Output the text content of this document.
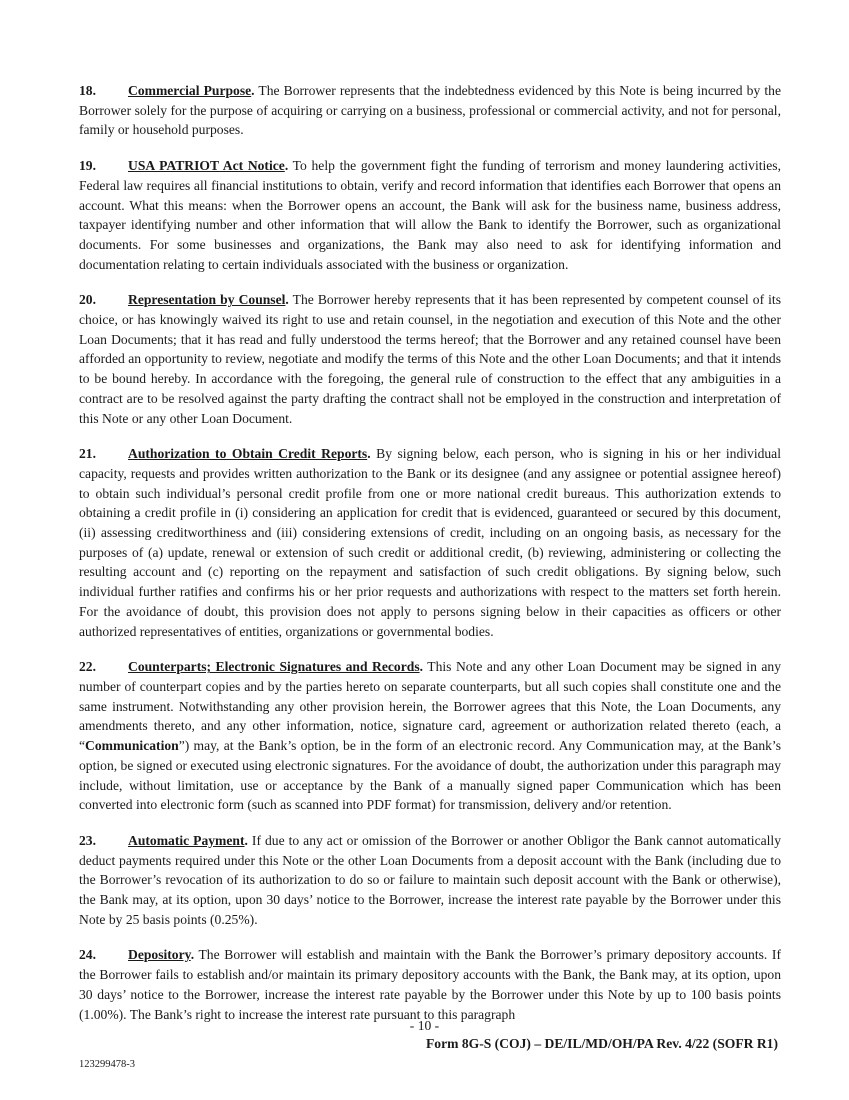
18. Commercial Purpose. The Borrower represents that the indebtedness evidenced by this Note is being incurred by the Borrower solely for the purpose of acquiring or carrying on a business, professional or commercial activity, and not for personal, family or household purposes.

19. USA PATRIOT Act Notice. To help the government fight the funding of terrorism and money laundering activities, Federal law requires all financial institutions to obtain, verify and record information that identifies each Borrower that opens an account. What this means: when the Borrower opens an account, the Bank will ask for the business name, business address, taxpayer identifying number and other information that will allow the Bank to identify the Borrower, such as organizational documents. For some businesses and organizations, the Bank may also need to ask for identifying information and documentation relating to certain individuals associated with the business or organization.

20. Representation by Counsel. The Borrower hereby represents that it has been represented by competent counsel of its choice, or has knowingly waived its right to use and retain counsel, in the negotiation and execution of this Note and the other Loan Documents; that it has read and fully understood the terms hereof; that the Borrower and any retained counsel have been afforded an opportunity to review, negotiate and modify the terms of this Note and the other Loan Documents; and that it intends to be bound hereby. In accordance with the foregoing, the general rule of construction to the effect that any ambiguities in a contract are to be resolved against the party drafting the contract shall not be employed in the construction and interpretation of this Note or any other Loan Document.

21. Authorization to Obtain Credit Reports. By signing below, each person, who is signing in his or her individual capacity, requests and provides written authorization to the Bank or its designee (and any assignee or potential assignee hereof) to obtain such individual’s personal credit profile from one or more national credit bureaus. This authorization extends to obtaining a credit profile in (i) considering an application for credit that is evidenced, guaranteed or secured by this document, (ii) assessing creditworthiness and (iii) considering extensions of credit, including on an ongoing basis, as necessary for the purposes of (a) update, renewal or extension of such credit or additional credit, (b) reviewing, administering or collecting the resulting account and (c) reporting on the repayment and satisfaction of such credit obligations. By signing below, such individual further ratifies and confirms his or her prior requests and authorizations with respect to the matters set forth herein. For the avoidance of doubt, this provision does not apply to persons signing below in their capacities as officers or other authorized representatives of entities, organizations or governmental bodies.

22. Counterparts; Electronic Signatures and Records. This Note and any other Loan Document may be signed in any number of counterpart copies and by the parties hereto on separate counterparts, but all such copies shall constitute one and the same instrument. Notwithstanding any other provision herein, the Borrower agrees that this Note, the Loan Documents, any amendments thereto, and any other information, notice, signature card, agreement or authorization related thereto (each, a “Communication”) may, at the Bank’s option, be in the form of an electronic record. Any Communication may, at the Bank’s option, be signed or executed using electronic signatures. For the avoidance of doubt, the authorization under this paragraph may include, without limitation, use or acceptance by the Bank of a manually signed paper Communication which has been converted into electronic form (such as scanned into PDF format) for transmission, delivery and/or retention.

23. Automatic Payment. If due to any act or omission of the Borrower or another Obligor the Bank cannot automatically deduct payments required under this Note or the other Loan Documents from a deposit account with the Bank (including due to the Borrower’s revocation of its authorization to do so or failure to maintain such deposit account with the Bank or otherwise), the Bank may, at its option, upon 30 days’ notice to the Borrower, increase the interest rate payable by the Borrower under this Note by 25 basis points (0.25%).

24. Depository. The Borrower will establish and maintain with the Bank the Borrower’s primary depository accounts. If the Borrower fails to establish and/or maintain its primary depository accounts with the Bank, the Bank may, at its option, upon 30 days’ notice to the Borrower, increase the interest rate payable by the Borrower under this Note by up to 100 basis points (1.00%). The Bank’s right to increase the interest rate pursuant to this paragraph

- 10 -
Form 8G-S (COJ) – DE/IL/MD/OH/PA Rev. 4/22 (SOFR R1)
123299478-3
